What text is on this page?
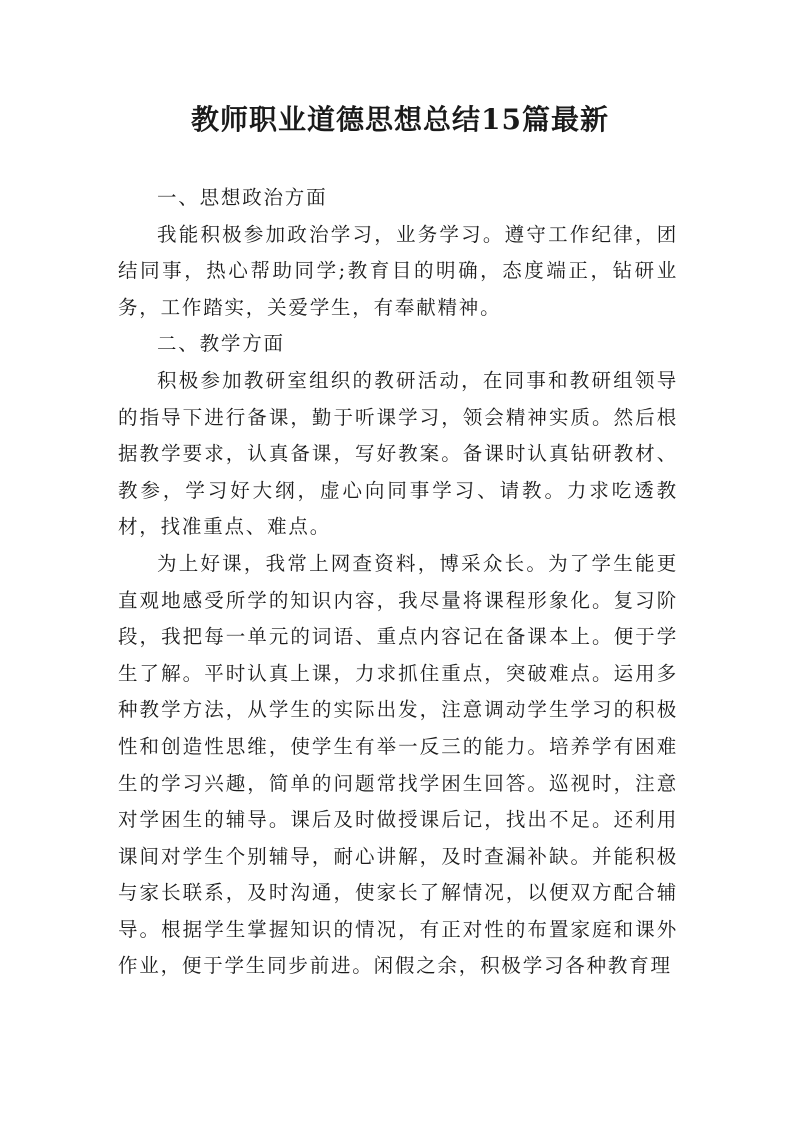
教师职业道德思想总结15篇最新

一、思想政治方面

我能积极参加政治学习，业务学习。遵守工作纪律，团结同事，热心帮助同学;教育目的明确，态度端正，钻研业务，工作踏实，关爱学生，有奉献精神。

二、教学方面

积极参加教研室组织的教研活动，在同事和教研组领导的指导下进行备课，勤于听课学习，领会精神实质。然后根据教学要求，认真备课，写好教案。备课时认真钻研教材、教参，学习好大纲，虚心向同事学习、请教。力求吃透教材，找准重点、难点。

为上好课，我常上网查资料，博采众长。为了学生能更直观地感受所学的知识内容，我尽量将课程形象化。复习阶段，我把每一单元的词语、重点内容记在备课本上。便于学生了解。平时认真上课，力求抓住重点，突破难点。运用多种教学方法，从学生的实际出发，注意调动学生学习的积极性和创造性思维，使学生有举一反三的能力。培养学有困难生的学习兴趣，简单的问题常找学困生回答。巡视时，注意对学困生的辅导。课后及时做授课后记，找出不足。还利用课间对学生个别辅导，耐心讲解，及时查漏补缺。并能积极与家长联系，及时沟通，使家长了解情况，以便双方配合辅导。根据学生掌握知识的情况，有正对性的布置家庭和课外作业，便于学生同步前进。闲假之余，积极学习各种教育理
